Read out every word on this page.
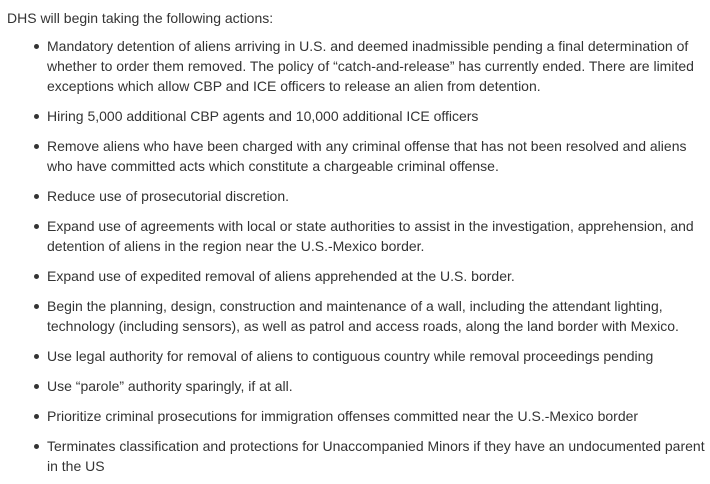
DHS will begin taking the following actions:

Mandatory detention of aliens arriving in U.S. and deemed inadmissible pending a final determination of whether to order them removed. The policy of “catch-and-release” has currently ended. There are limited exceptions which allow CBP and ICE officers to release an alien from detention.
Hiring 5,000 additional CBP agents and 10,000 additional ICE officers
Remove aliens who have been charged with any criminal offense that has not been resolved and aliens who have committed acts which constitute a chargeable criminal offense.
Reduce use of prosecutorial discretion.
Expand use of agreements with local or state authorities to assist in the investigation, apprehension, and detention of aliens in the region near the U.S.-Mexico border.
Expand use of expedited removal of aliens apprehended at the U.S. border.
Begin the planning, design, construction and maintenance of a wall, including the attendant lighting, technology (including sensors), as well as patrol and access roads, along the land border with Mexico.
Use legal authority for removal of aliens to contiguous country while removal proceedings pending
Use “parole” authority sparingly, if at all.
Prioritize criminal prosecutions for immigration offenses committed near the U.S.-Mexico border
Terminates classification and protections for Unaccompanied Minors if they have an undocumented parent in the US
